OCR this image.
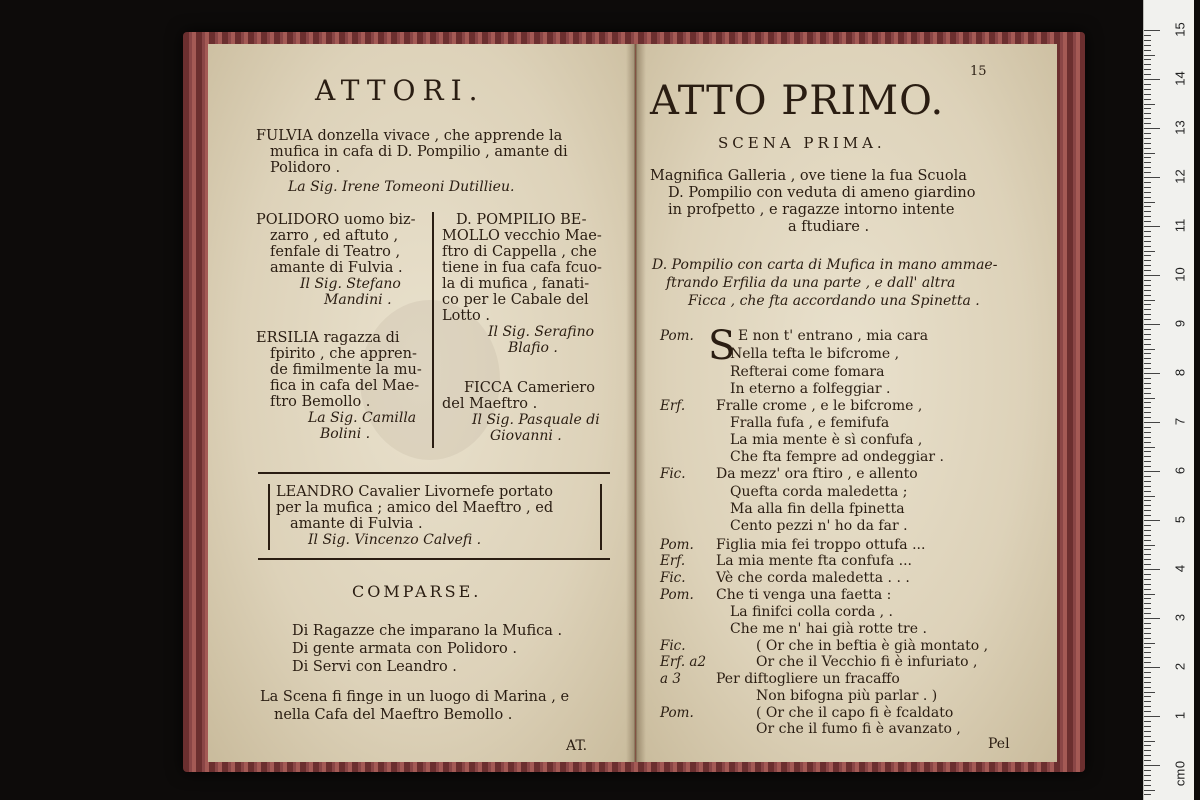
ATTORI.
FULVIA donzella vivace , che apprende la
mufica in cafa di D. Pompilio , amante di
Polidoro .
La Sig. Irene Tomeoni Dutillieu.
POLIDORO uomo biz-
zarro , ed aftuto ,
fenfale di Teatro ,
amante di Fulvia .
Il Sig. Stefano
Mandini .
ERSILIA ragazza di
fpirito , che appren-
de fimilmente la mu-
fica in cafa del Mae-
ftro Bemollo .
La Sig. Camilla
Bolini .
D. POMPILIO BE-
MOLLO vecchio Mae-
ftro di Cappella , che
tiene in fua cafa fcuo-
la di mufica , fanati-
co per le Cabale del
Lotto .
Il Sig. Serafino
Blafio .
FICCA Cameriero
del Maeftro .
Il Sig. Pasquale di
Giovanni .
LEANDRO Cavalier Livornefe portato
per la mufica ; amico del Maeftro , ed
amante di Fulvia .
Il Sig. Vincenzo Calvefi .
COMPARSE.
Di Ragazze che imparano la Mufica .
Di gente armata con Polidoro .
Di Servi con Leandro .
La Scena fi finge in un luogo di Marina , e
nella Cafa del Maeftro Bemollo .
AT.
15
ATTO PRIMO.
SCENA PRIMA.
Magnifica Galleria , ove tiene la fua Scuola
D. Pompilio con veduta di ameno giardino
in profpetto , e ragazze intorno intente
a ftudiare .
D. Pompilio con carta di Mufica in mano ammae-
ftrando Erfilia da una parte , e dall' altra
Ficca , che fta accordando una Spinetta .
S
Pom.	E non t' entrano , mia cara
Nella tefta le bifcrome ,
Refterai come fomara
In eterno a folfeggiar .
Erf. Fralle crome , e le bifcrome ,
Fralla fufa , e femifufa
La mia mente è sì confufa ,
Che fta fempre ad ondeggiar .
Fic. Da mezz' ora ftiro , e allento
Quefta corda maledetta ;
Ma alla fin della fpinetta
Cento pezzi n' ho da far .
Pom. Figlia mia fei troppo ottufa ...
Erf. La mia mente fta confufa ...
Fic. Vè che corda maledetta . . .
Pom. Che ti venga una faetta :
La finifci colla corda , .
Che me n' hai già rotte tre .
Fic.	( Or che in beftia è già montato ,
Erf. a2	Or che il Vecchio fi è infuriato ,
a 3	Per diftogliere un fracaffo
Non bifogna più parlar . )
Pom.	( Or che il capo fi è fcaldato
Or che il fumo fi è avanzato ,
Pel
15
14
13
12
11
10
9
8
7
6
5
4
3
2
1
0
cm
